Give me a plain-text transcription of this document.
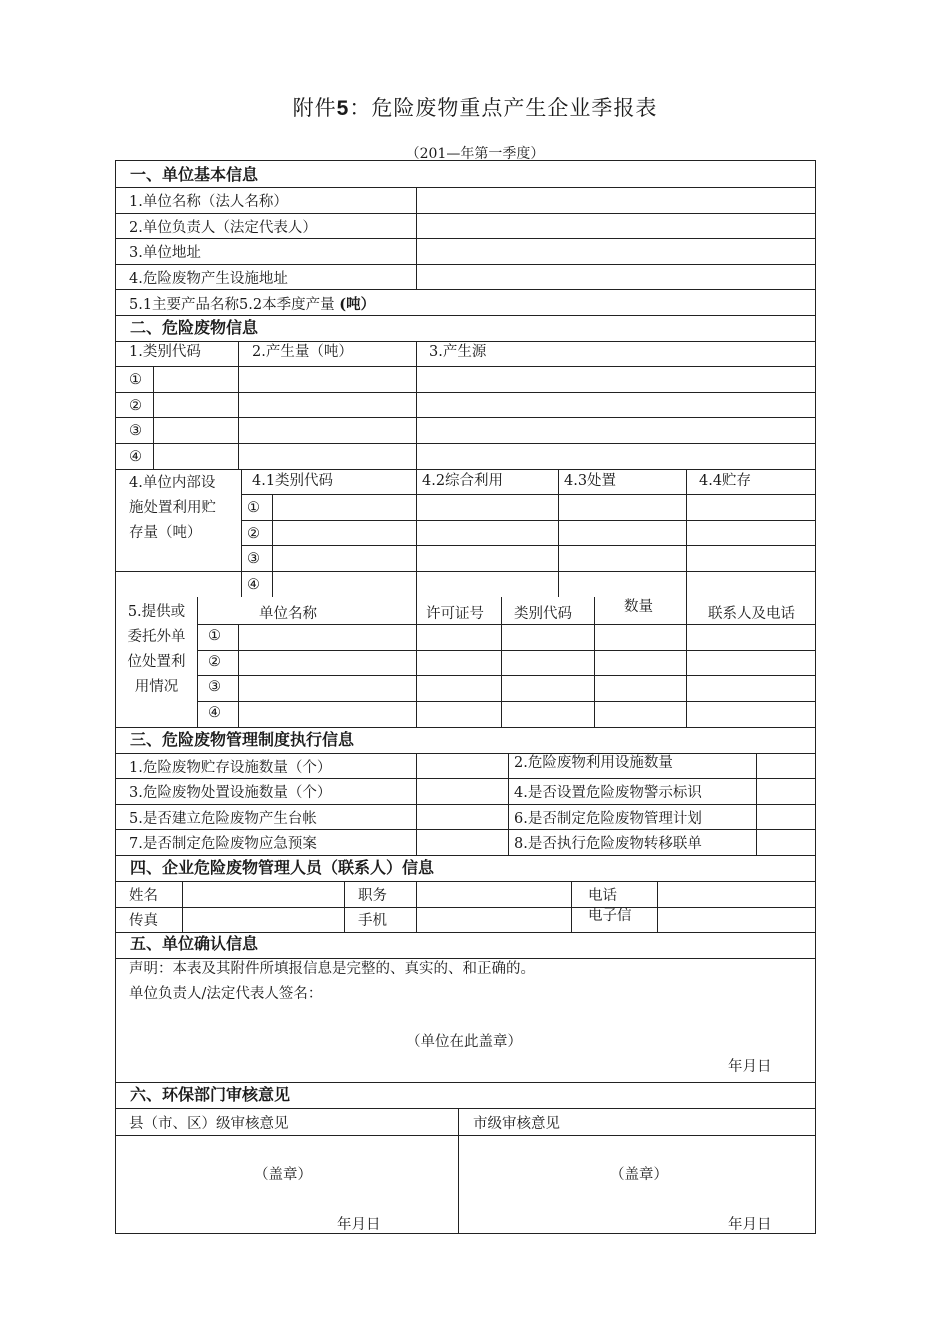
附件5：危险废物重点产生企业季报表
（201—年第一季度）
一、单位基本信息
1.单位名称（法人名称）
2.单位负责人（法定代表人）
3.单位地址
4.危险废物产生设施地址
5.1主要产品名称5.2本季度产量 (吨）
二、危险废物信息
1.类别代码	2.产生量（吨）	3.产生源
①
②
③
④
4.单位内部设
施处置利用贮
存量（吨）
4.1类别代码	4.2综合利用	4.3处置	4.4贮存
①
②
③
④
5.提供或
委托外单
位处置利
用情况
单位名称	许可证号 类别代码	数量	联系人及电话
①
②
③
④
三、危险废物管理制度执行信息
1.危险废物贮存设施数量（个）	2.危险废物利用设施数量
3.危险废物处置设施数量（个）	4.是否设置危险废物警示标识
5.是否建立危险废物产生台帐	6.是否制定危险废物管理计划
7.是否制定危险废物应急预案	8.是否执行危险废物转移联单
四、企业危险废物管理人员（联系人）信息
姓名	职务	电话
传真	手机	电子信
五、单位确认信息
声明：本表及其附件所填报信息是完整的、真实的、和正确的。
单位负责人/法定代表人签名：
（单位在此盖章）
年月日
六、环保部门审核意见
县（市、区）级审核意见	市级审核意见
（盖章）	（盖章）
年月日	年月日
